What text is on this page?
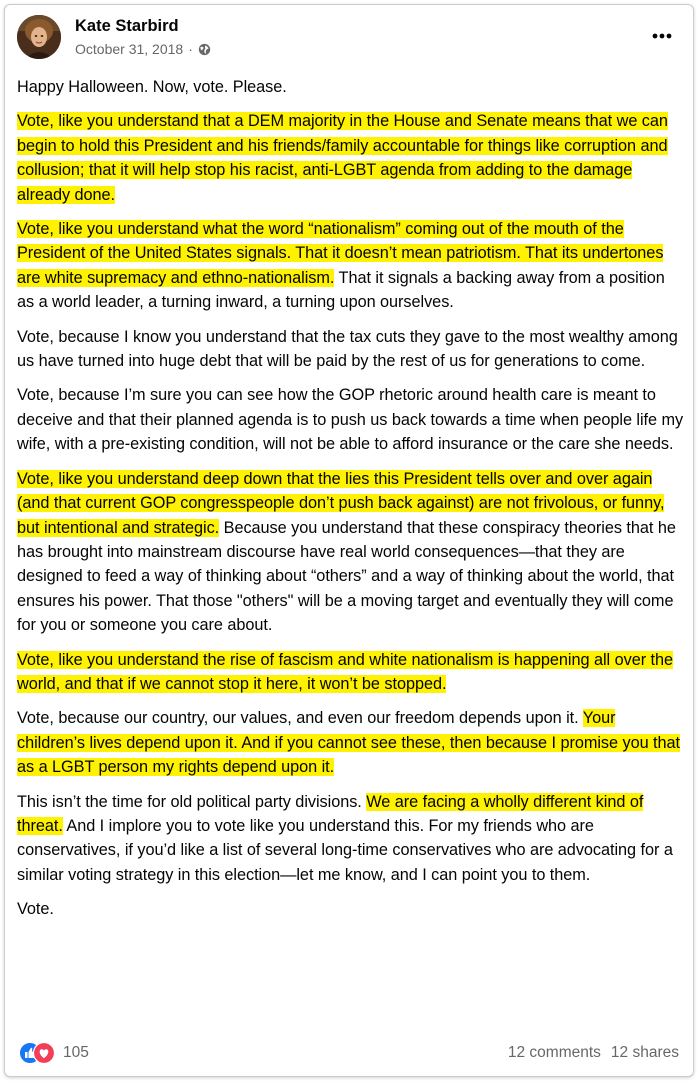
Kate Starbird
October 31, 2018 ·

Happy Halloween. Now, vote. Please.

Vote, like you understand that a DEM majority in the House and Senate means that we can begin to hold this President and his friends/family accountable for things like corruption and collusion; that it will help stop his racist, anti-LGBT agenda from adding to the damage already done.

Vote, like you understand what the word “nationalism” coming out of the mouth of the President of the United States signals. That it doesn’t mean patriotism. That its undertones are white supremacy and ethno-nationalism. That it signals a backing away from a position as a world leader, a turning inward, a turning upon ourselves.

Vote, because I know you understand that the tax cuts they gave to the most wealthy among us have turned into huge debt that will be paid by the rest of us for generations to come.

Vote, because I’m sure you can see how the GOP rhetoric around health care is meant to deceive and that their planned agenda is to push us back towards a time when people life my wife, with a pre-existing condition, will not be able to afford insurance or the care she needs.

Vote, like you understand deep down that the lies this President tells over and over again (and that current GOP congresspeople don’t push back against) are not frivolous, or funny, but intentional and strategic. Because you understand that these conspiracy theories that he has brought into mainstream discourse have real world consequences—that they are designed to feed a way of thinking about “others” and a way of thinking about the world, that ensures his power. That those "others" will be a moving target and eventually they will come for you or someone you care about.

Vote, like you understand the rise of fascism and white nationalism is happening all over the world, and that if we cannot stop it here, it won’t be stopped.

Vote, because our country, our values, and even our freedom depends upon it. Your children’s lives depend upon it. And if you cannot see these, then because I promise you that as a LGBT person my rights depend upon it.

This isn’t the time for old political party divisions. We are facing a wholly different kind of threat. And I implore you to vote like you understand this. For my friends who are conservatives, if you’d like a list of several long-time conservatives who are advocating for a similar voting strategy in this election—let me know, and I can point you to them.

Vote.

105	12 comments 12 shares
